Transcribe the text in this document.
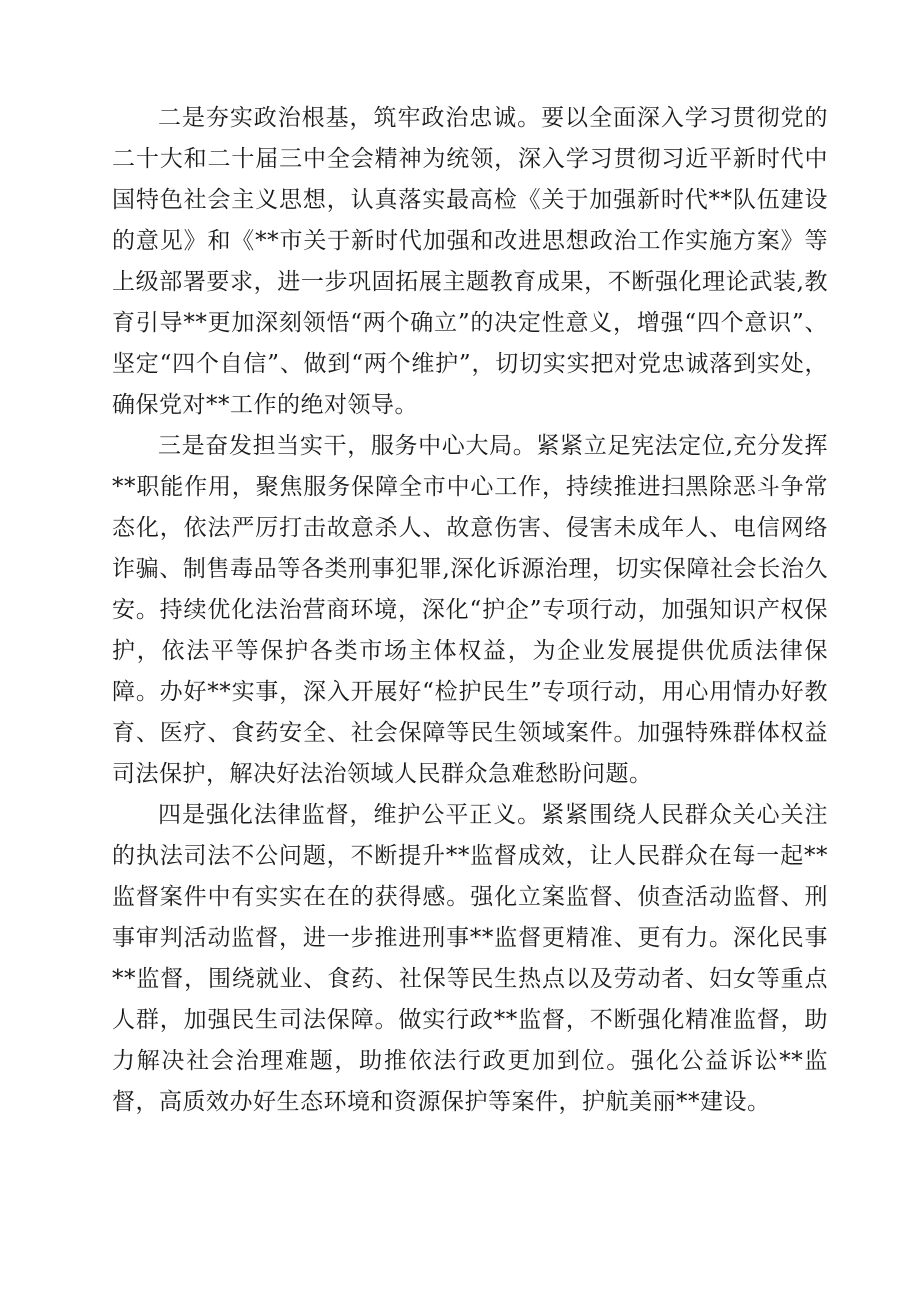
二是夯实政治根基，筑牢政治忠诚。要以全面深入学习贯彻党的二十大和二十届三中全会精神为统领，深入学习贯彻习近平新时代中国特色社会主义思想，认真落实最高检《关于加强新时代**队伍建设的意见》和《**市关于新时代加强和改进思想政治工作实施方案》等上级部署要求，进一步巩固拓展主题教育成果，不断强化理论武装,教育引导**更加深刻领悟“两个确立”的决定性意义，增强“四个意识”、坚定“四个自信”、做到“两个维护”，切切实实把对党忠诚落到实处，确保党对**工作的绝对领导。

三是奋发担当实干，服务中心大局。紧紧立足宪法定位,充分发挥**职能作用，聚焦服务保障全市中心工作，持续推进扫黑除恶斗争常态化，依法严厉打击故意杀人、故意伤害、侵害未成年人、电信网络诈骗、制售毒品等各类刑事犯罪,深化诉源治理，切实保障社会长治久安。持续优化法治营商环境，深化“护企”专项行动，加强知识产权保护，依法平等保护各类市场主体权益，为企业发展提供优质法律保障。办好**实事，深入开展好“检护民生”专项行动，用心用情办好教育、医疗、食药安全、社会保障等民生领域案件。加强特殊群体权益司法保护，解决好法治领域人民群众急难愁盼问题。

四是强化法律监督，维护公平正义。紧紧围绕人民群众关心关注的执法司法不公问题，不断提升**监督成效，让人民群众在每一起**监督案件中有实实在在的获得感。强化立案监督、侦查活动监督、刑事审判活动监督，进一步推进刑事**监督更精准、更有力。深化民事**监督，围绕就业、食药、社保等民生热点以及劳动者、妇女等重点人群，加强民生司法保障。做实行政**监督，不断强化精准监督，助力解决社会治理难题，助推依法行政更加到位。强化公益诉讼**监督，高质效办好生态环境和资源保护等案件，护航美丽**建设。
